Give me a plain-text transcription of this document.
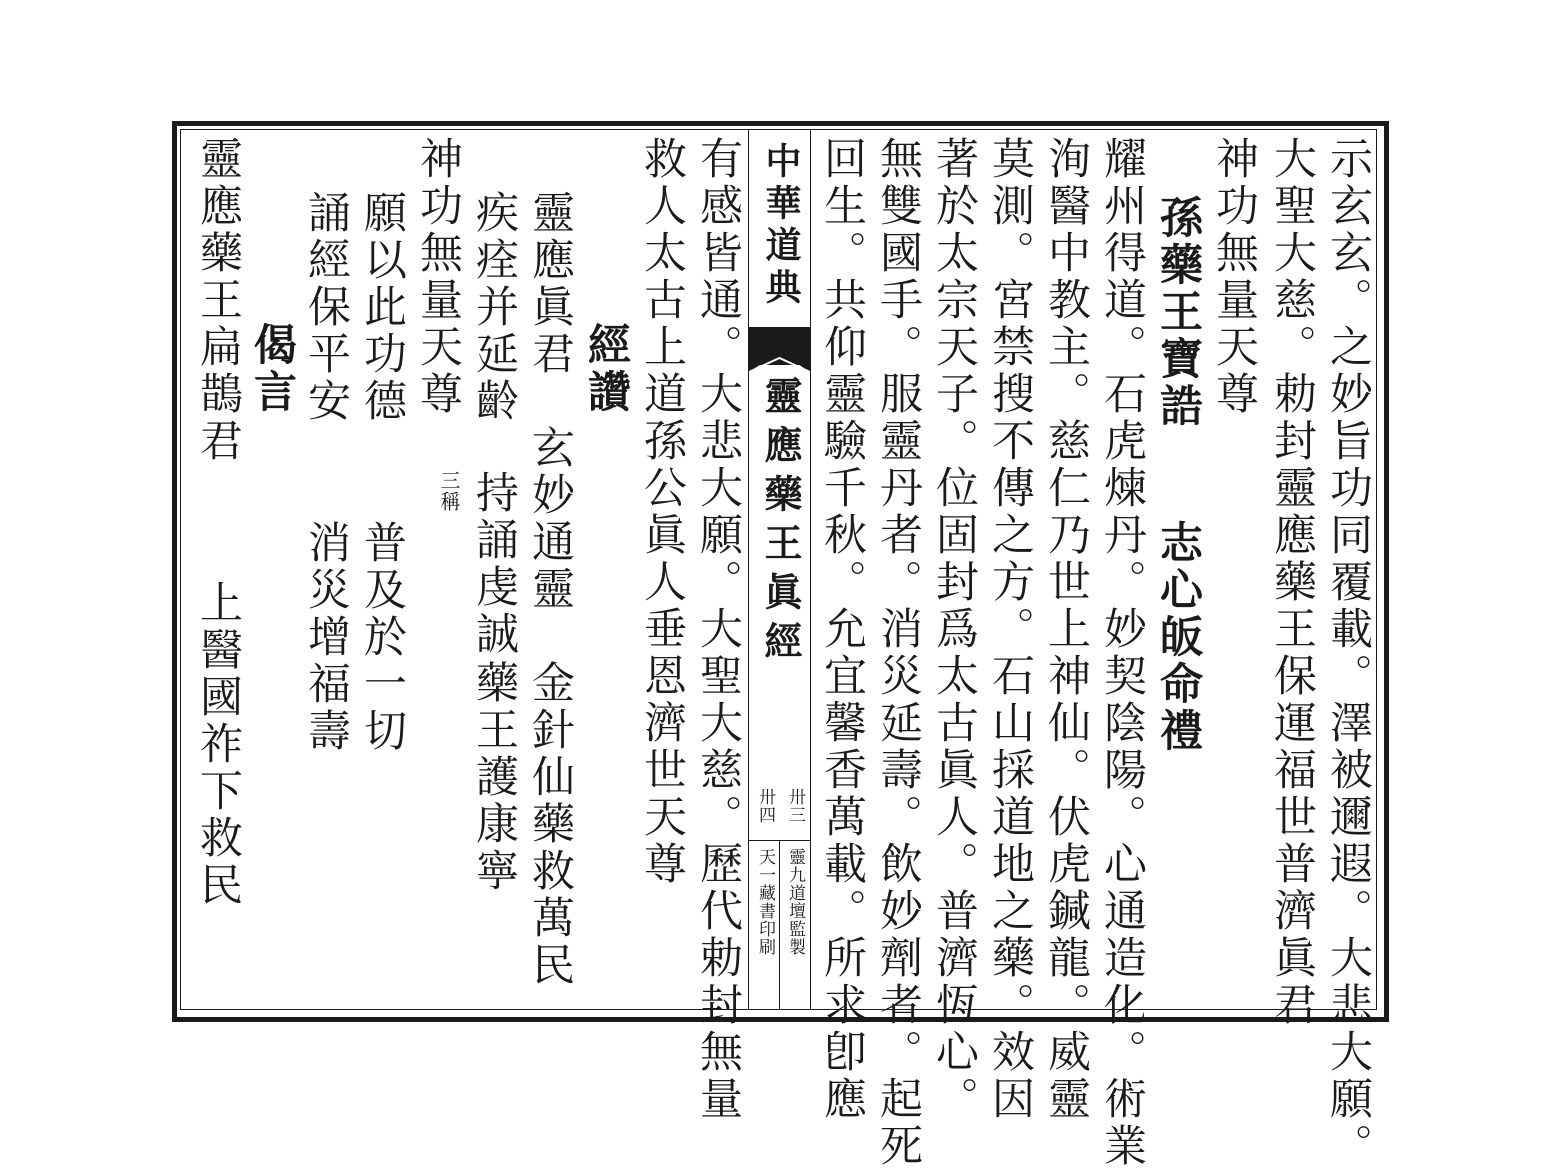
示玄玄。之妙旨功同覆載。澤被邇遐。大悲大願。
大聖大慈。勅封靈應藥王保運福世普濟眞君
神功無量天尊
孫藥王寶誥
志心皈命禮
耀州得道。石虎煉丹。妙契陰陽。心通造化。術業
洵醫中教主。慈仁乃世上神仙。伏虎鍼龍。威靈
莫測。宮禁搜不傳之方。石山採道地之藥。效因
著於太宗天子。位固封爲太古眞人。普濟恆心。
無雙國手。服靈丹者。消災延壽。飲妙劑者。起死
回生。共仰靈驗千秋。允宜馨香萬載。所求卽應
中華道典
靈應藥王眞經
卅三
卅四
靈九道壇監製
天一藏書印刷
有感皆通。大悲大願。大聖大慈。歷代勅封無量
救人太古上道孫公眞人垂恩濟世天尊
經讚
靈應眞君
玄妙通靈
金針仙藥救萬民
疾痊并延齡
持誦虔誠
藥王護康寧
神功無量天尊
三稱
願以此功德
普及於一切
誦經保平安
消災增福壽
偈言
靈應藥王扁鵲君
上醫國祚下救民
